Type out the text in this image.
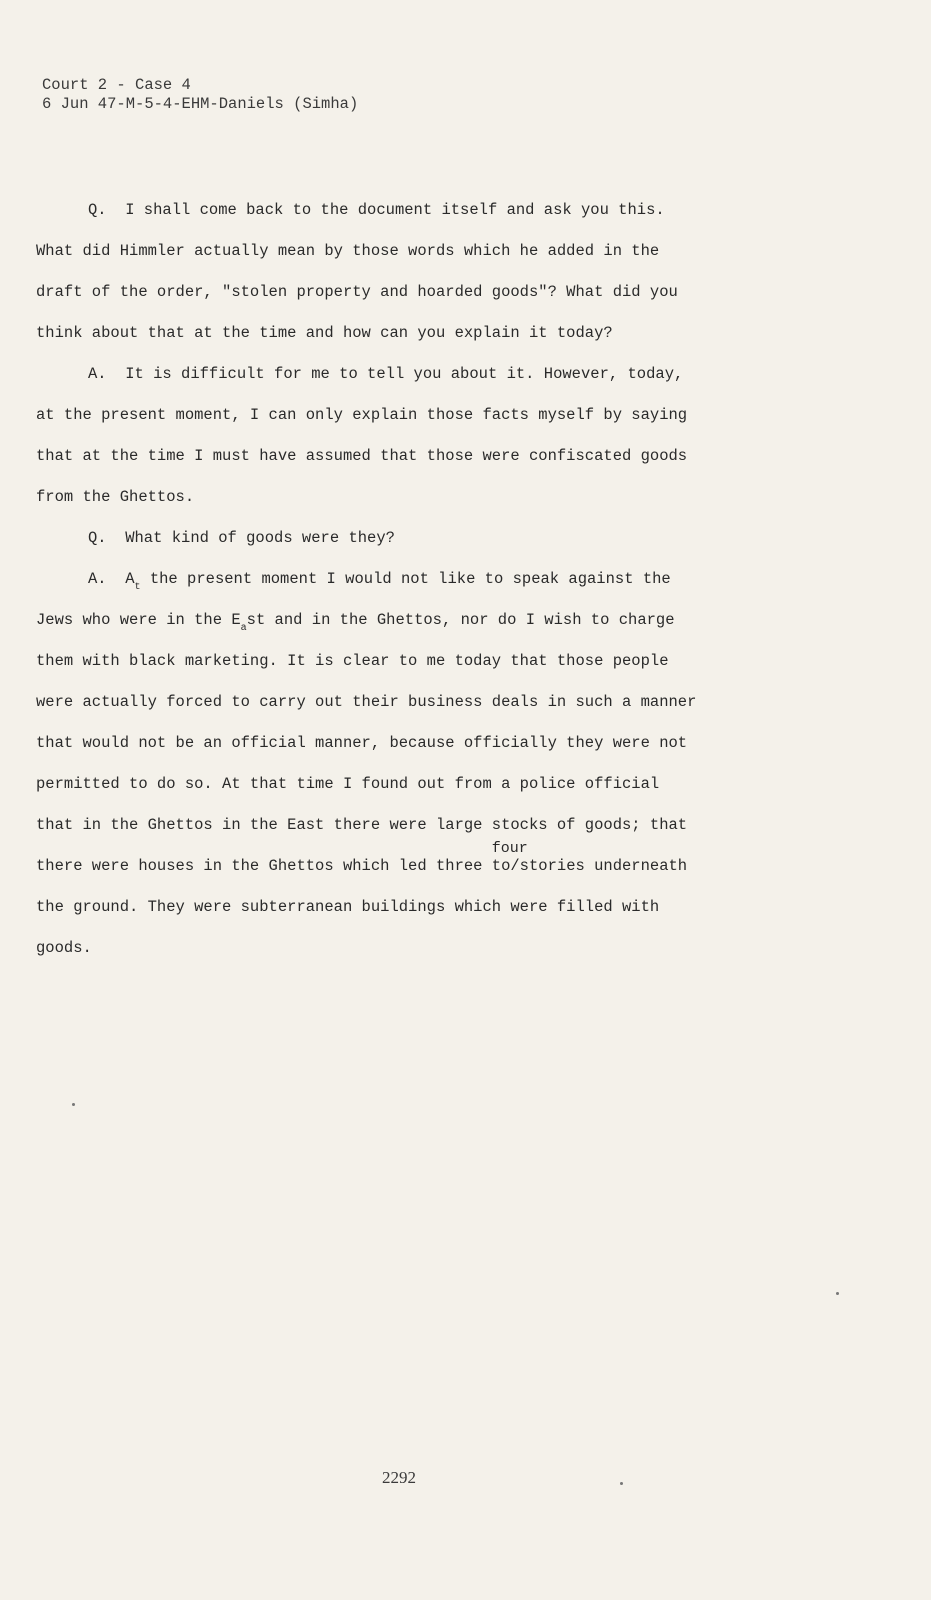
Court 2 - Case 4
6 Jun 47-M-5-4-EHM-Daniels (Simha)
Q.  I shall come back to the document itself and ask you this.
What did Himmler actually mean by those words which he added in the
draft of the order, "stolen property and hoarded goods"? What did you
think about that at the time and how can you explain it today?
A.  It is difficult for me to tell you about it. However, today,
at the present moment, I can only explain those facts myself by saying
that at the time I must have assumed that those were confiscated goods
from the Ghettos.
Q.  What kind of goods were they?
A.  $A_t$ the present moment I would not like to speak against the
Jews who were in the $E_ast$ and in the Ghettos, nor do I wish to charge
them with black marketing. It is clear to me today that those people
were actually forced to carry out their business deals in such a manner
that would not be an official manner, because officially they were not
permitted to do so. At that time I found out from a police official
that in the Ghettos in the East there were large stocks of goods; that
there were houses in the Ghettos which led three
four
to/stories underneath
the ground. They were subterranean buildings which were filled with
goods.
2292
